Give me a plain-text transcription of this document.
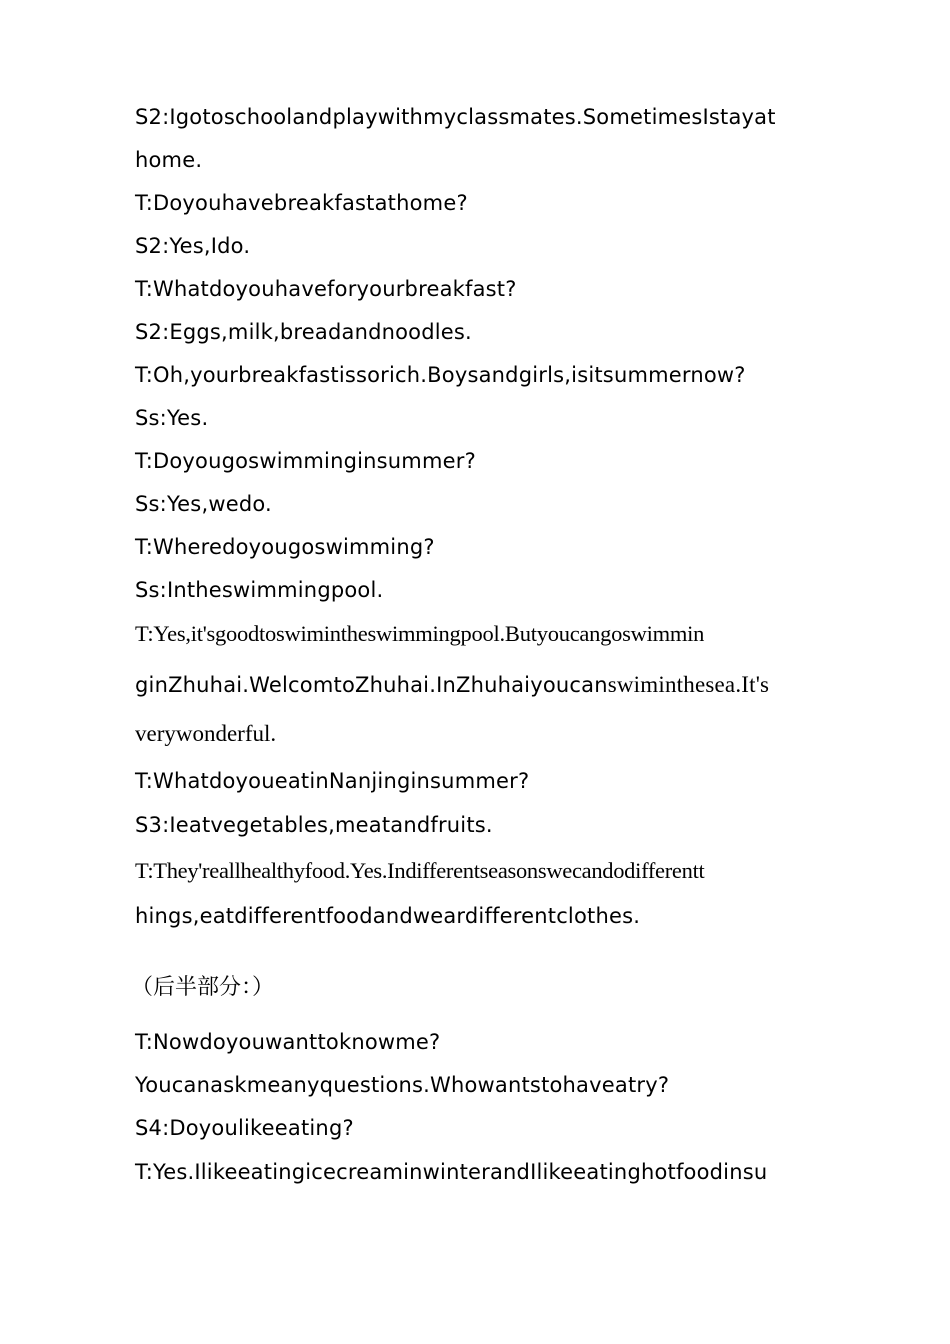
S2:Igotoschoolandplaywithmyclassmates.SometimesIstayat

home.

T:Doyouhavebreakfastathome?

S2:Yes,Ido.

T:Whatdoyouhaveforyourbreakfast?

S2:Eggs,milk,breadandnoodles.

T:Oh,yourbreakfastissorich.Boysandgirls,isitsummernow?

Ss:Yes.

T:Doyougoswimminginsummer?

Ss:Yes,wedo.

T:Wheredoyougoswimming?

Ss:Intheswimmingpool.

T:Yes,it'sgoodtoswimintheswimmingpool.Butyoucangoswimmin

ginZhuhai.WelcomtoZhuhai.InZhuhaiyoucanswiminthesea.It's

verywonderful.

T:WhatdoyoueatinNanjinginsummer?

S3:Ieatvegetables,meatandfruits.

T:They'reallhealthyfood.Yes.Indifferentseasonswecandodifferentt

hings,eatdifferentfoodandweardifferentclothes.

（后半部分：）

T:Nowdoyouwanttoknowme?

Youcanaskmeanyquestions.Whowantstohaveatry?

S4:Doyoulikeeating?

T:Yes.IlikeeatingicecreaminwinterandIlikeeatinghotfoodinsu
